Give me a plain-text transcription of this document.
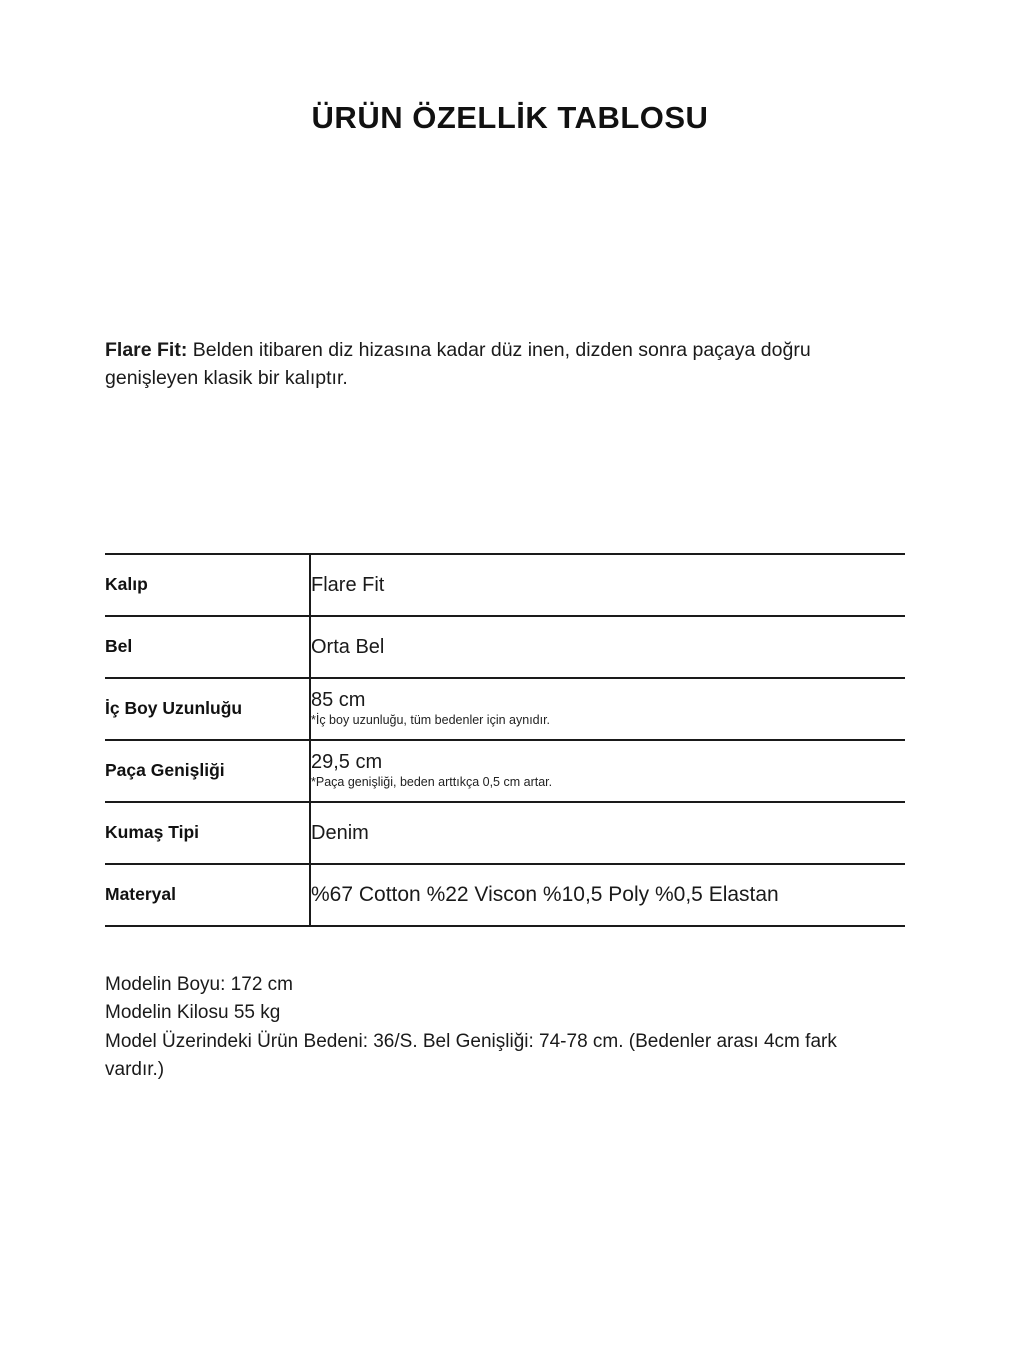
ÜRÜN ÖZELLİK TABLOSU

Flare Fit: Belden itibaren diz hizasına kadar düz inen, dizden sonra paçaya doğru genişleyen klasik bir kalıptır.

Kalıp	Flare Fit

Bel	Orta Bel

İç Boy Uzunluğu	85 cm
*İç boy uzunluğu, tüm bedenler için aynıdır.

Paça Genişliği	29,5 cm
*Paça genişliği, beden arttıkça 0,5 cm artar.

Kumaş Tipi	Denim

Materyal	%67 Cotton %22 Viscon %10,5 Poly %0,5 Elastan
Modelin Boyu: 172 cm
Modelin Kilosu 55 kg
Model Üzerindeki Ürün Bedeni: 36/S. Bel Genişliği: 74-78 cm. (Bedenler arası 4cm fark vardır.)
